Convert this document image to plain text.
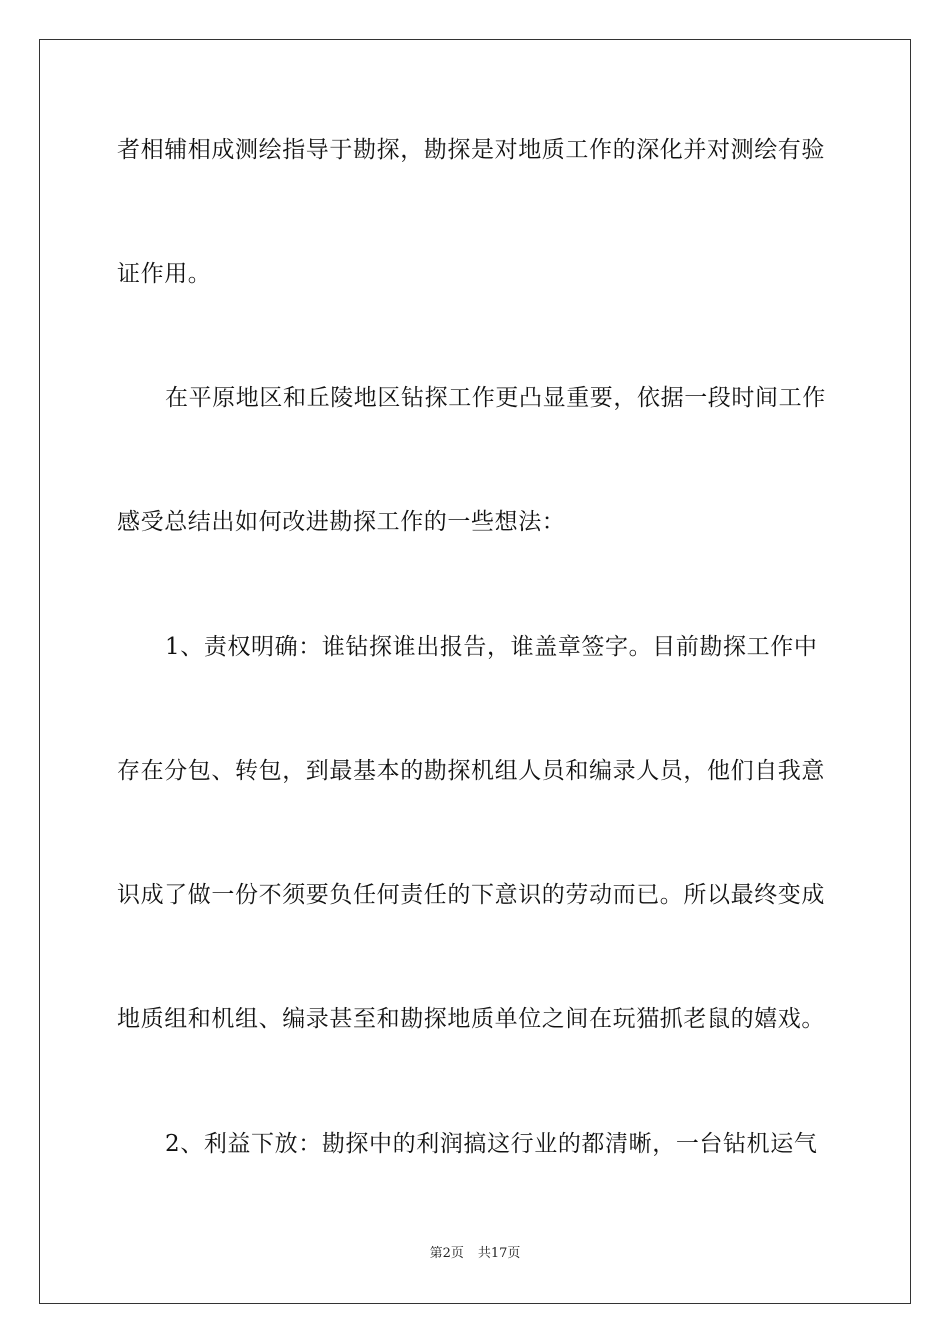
者相辅相成测绘指导于勘探，勘探是对地质工作的深化并对测绘有验
证作用。
在平原地区和丘陵地区钻探工作更凸显重要，依据一段时间工作
感受总结出如何改进勘探工作的一些想法：
1、责权明确：谁钻探谁出报告，谁盖章签字。目前勘探工作中
存在分包、转包，到最基本的勘探机组人员和编录人员，他们自我意
识成了做一份不须要负任何责任的下意识的劳动而已。所以最终变成
地质组和机组、编录甚至和勘探地质单位之间在玩猫抓老鼠的嬉戏。
2、利益下放：勘探中的利润搞这行业的都清晰，一台钻机运气
第2页 共17页
